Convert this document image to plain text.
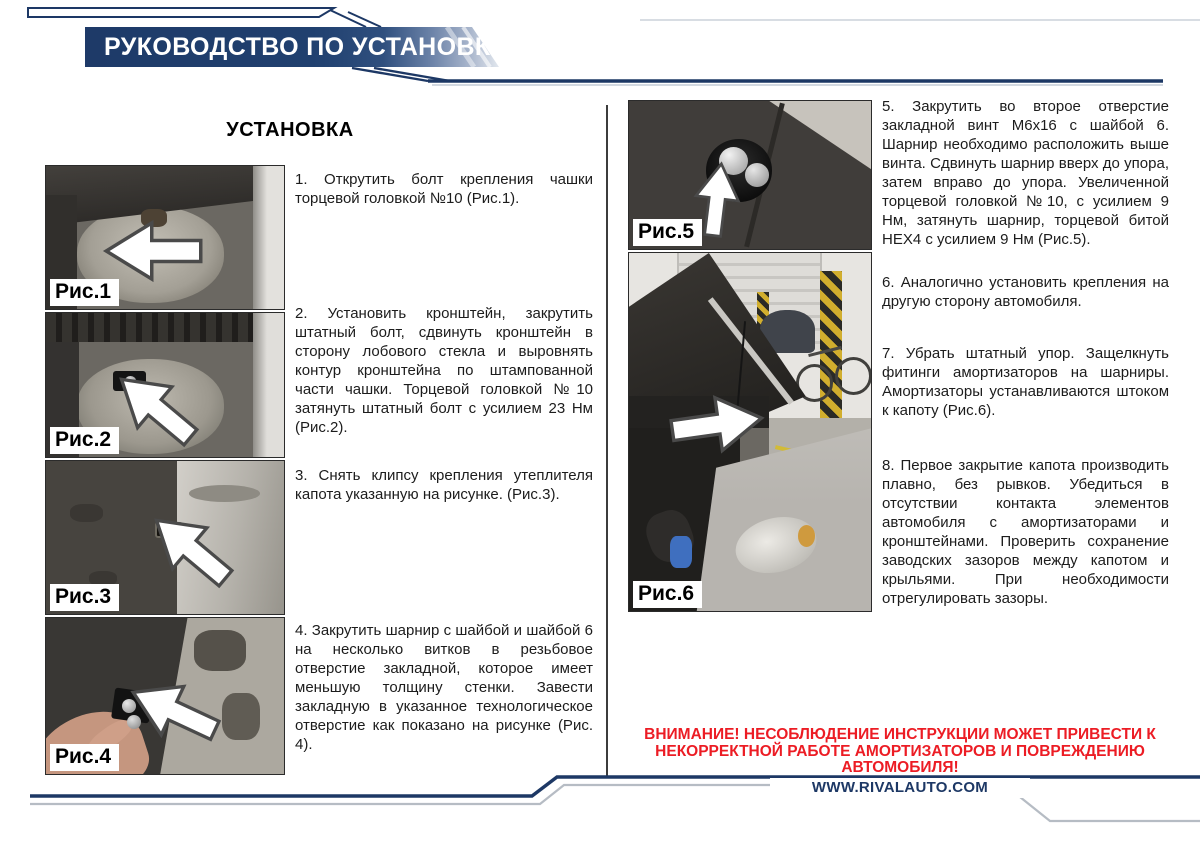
РУКОВОДСТВО ПО УСТАНОВКЕ
УСТАНОВКА
1. Открутить болт крепления чашки торцевой головкой №10 (Рис.1).
2. Установить кронштейн, закрутить штатный болт, сдвинуть кронштейн в сторону лобового стекла и выровнять контур кронштейна по штампованной части чашки. Торцевой головкой №10 затянуть штатный болт с усилием 23 Нм (Рис.2).
3. Снять клипсу крепления утеплителя капота указанную на рисунке. (Рис.3).
4. Закрутить шарнир с шайбой и шайбой 6 на несколько витков в резьбовое отверстие закладной, которое имеет меньшую толщину стенки. Завести закладную в указанное технологическое отверстие как показано на рисунке (Рис. 4).
5. Закрутить во второе отверстие закладной винт М6х16 с шайбой 6. Шарнир необходимо расположить выше винта. Сдвинуть шарнир вверх до упора, затем вправо до упора. Увеличенной торцевой головкой №10, с усилием 9 Нм, затянуть шарнир, торцевой битой HEX4 с усилием 9 Нм (Рис.5).
6. Аналогично установить крепления на другую сторону автомобиля.
7. Убрать штатный упор. Защелкнуть фитинги амортизаторов на шарниры. Амортизаторы устанавливаются штоком к капоту (Рис.6).
8. Первое закрытие капота производить плавно, без рывков. Убедиться в отсутствии контакта элементов автомобиля с амортизаторами и кронштейнами. Проверить сохранение заводских зазоров между капотом и крыльями. При необходимости отрегулировать зазоры.
Рис.1
Рис.2
Рис.3
Рис.4
Рис.5
Рис.6
ВНИМАНИЕ! НЕСОБЛЮДЕНИЕ ИНСТРУКЦИИ МОЖЕТ ПРИВЕСТИ К
НЕКОРРЕКТНОЙ РАБОТЕ АМОРТИЗАТОРОВ И ПОВРЕЖДЕНИЮ
АВТОМОБИЛЯ!
WWW.RIVALAUTO.COM
